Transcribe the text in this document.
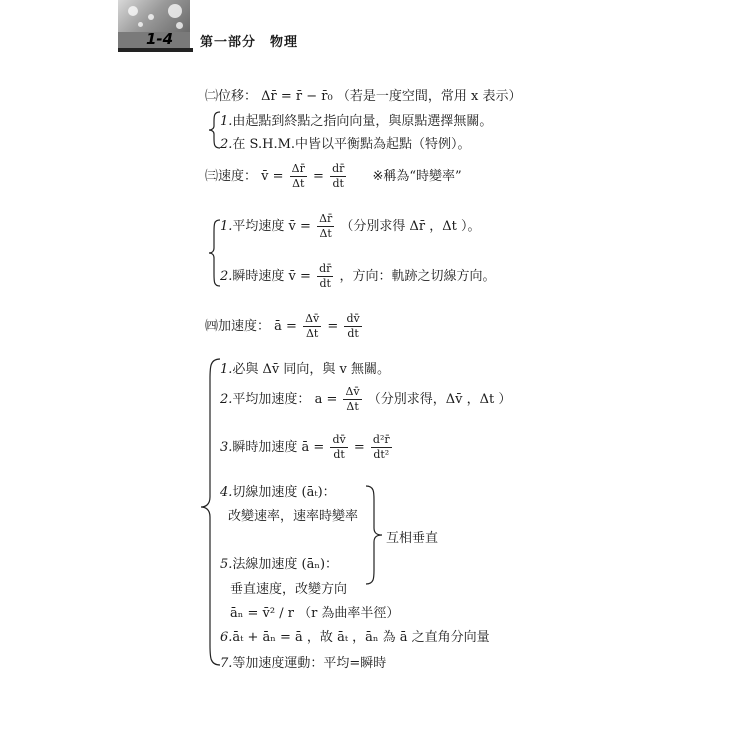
1-4 第一部分　物理
㈡位移： Δr̄ = r̄ − r̄₀ （若是一度空間，常用 x 表示）
1.由起點到終點之指向向量，與原點選擇無關。
2.在 S.H.M.中皆以平衡點為起點（特例）。
㈢速度： v̄ = $\frac{\Delta r̄}{\Delta t} = \frac{dr̄}{dt}$ ※稱為“時變率”
1.平均速度 v̄ = $\frac{\Delta r̄}{\Delta t}$ （分別求得 Δr̄ ，Δt ）。
2.瞬時速度 v̄ = $\frac{dr̄}{dt}$ ，方向：軌跡之切線方向。
㈣加速度： ā = $\frac{\Delta v̄}{\Delta t} = \frac{dv̄}{dt}$
1.必與 Δv̄ 同向，與 v 無關。
2.平均加速度： $a = \frac{\Delta v̄}{\Delta t}$ （分別求得，Δv̄ ，Δt ）
3.瞬時加速度 ā = $\frac{dv̄}{dt} = \frac{\text{d²r̄}}{\text{dt²}}$
4.切線加速度 (āₜ)：
改變速率，速率時變率
5.法線加速度 (āₙ)：
垂直速度，改變方向
āₙ = v̄² / r （r 為曲率半徑）
互相垂直
6.āₜ + āₙ = ā ，故 āₜ ，āₙ 為 ā 之直角分向量
7.等加速度運動：平均=瞬時
